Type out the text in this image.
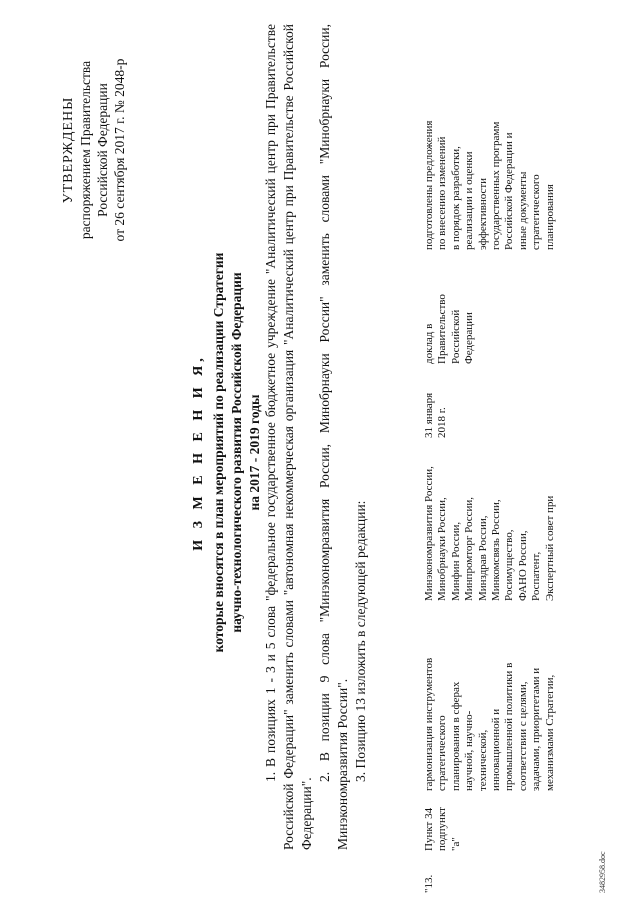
УТВЕРЖДЕНЫ распоряжением Правительства Российской Федерации от 26 сентября 2017 г. № 2048-р
И З М Е Н Е Н И Я, которые вносятся в план мероприятий по реализации Стратегии научно-технологического развития Российской Федерации на 2017 - 2019 годы 1. В позициях 1 - 3 и 5 слова "федеральное государственное бюджетное учреждение "Аналитический центр при Правительстве Российской Федерации" заменить словами "автономная некоммерческая организация "Аналитический центр при Правительстве Российской Федерации".

2. В позиции 9 слова "Минэкономразвития России, Минобрнауки России" заменить словами "Минобрнауки России, Минэкономразвития России". 3. Позицию 13 изложить в следующей редакции:

"13.
Пункт 34
подпункт "а"
гармонизация инструментов
стратегического
планирования в сферах
научной, научно-
технической,
инновационной и
промышленной политики в
соответствии с целями,
задачами, приоритетами и
механизмами Стратегии,
Минэкономразвития России,
Минобрнауки России,
Минфин России,
Минпромторг России,
Минздрав России,
Минкомсвязь России,
Росимущество,
ФАНО России,
Роспатент,
Экспертный совет при
31 января
2018 г.
доклад в
Правительство
Российской
Федерации
подготовлены предложения
по внесению изменений
в порядок разработки,
реализации и оценки
эффективности
государственных программ
Российской Федерации и
иные документы
стратегического
планирования
3482958.doc
